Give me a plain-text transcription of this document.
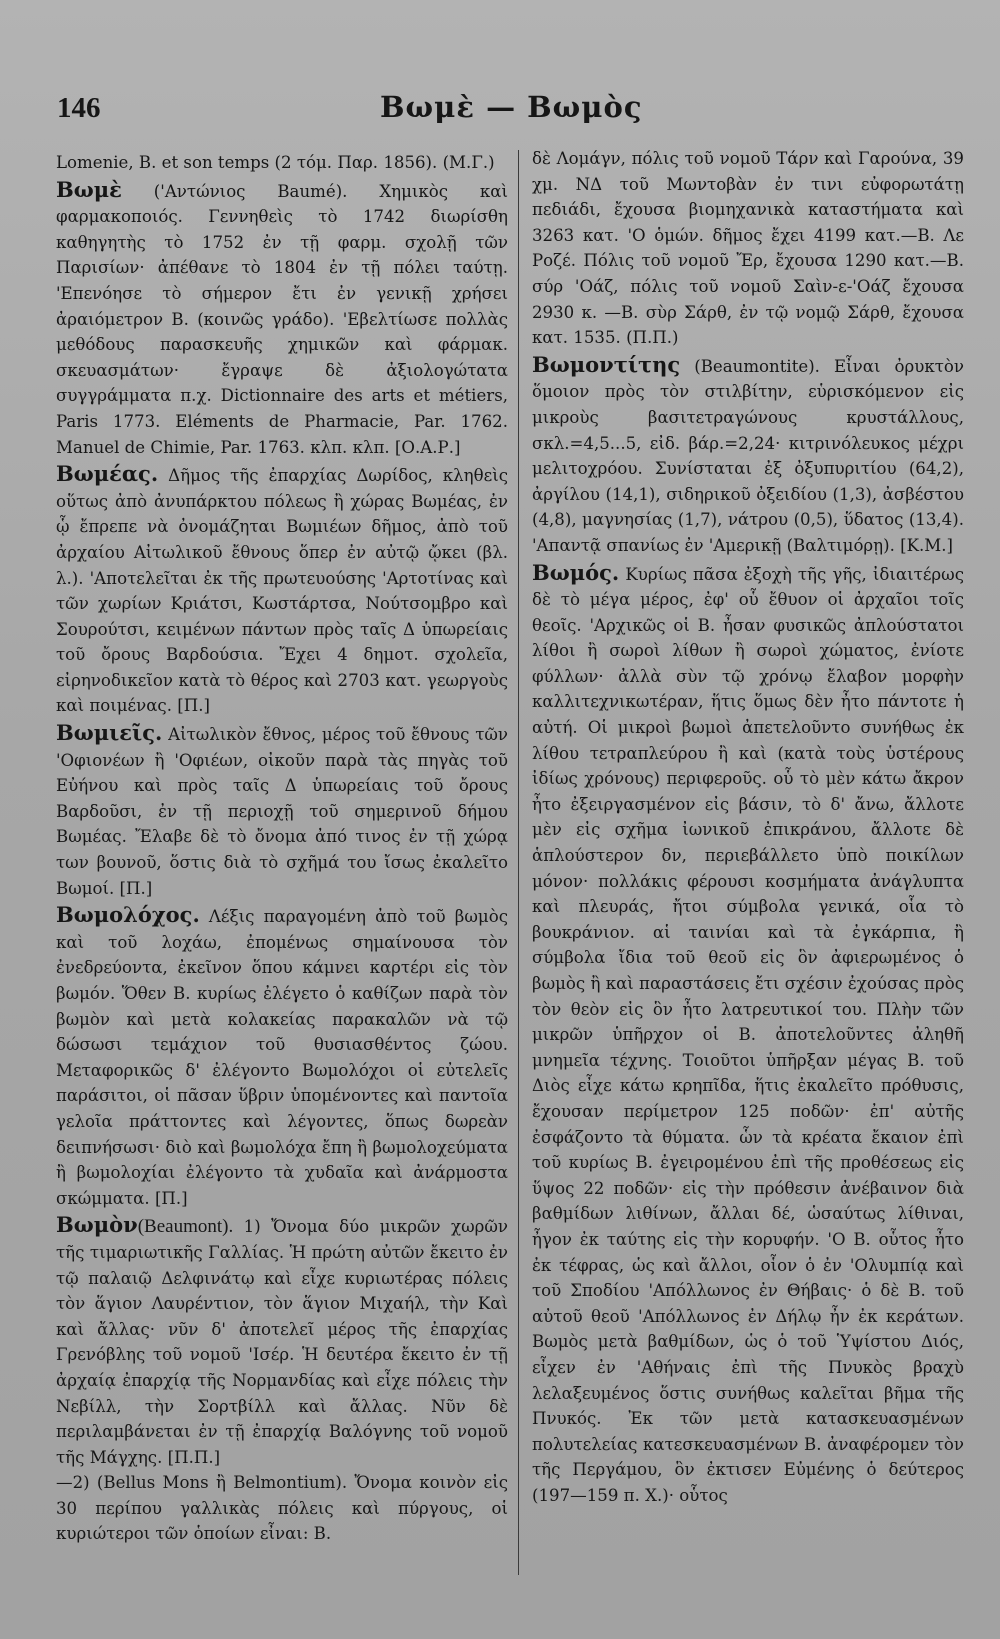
146	Βωμὲ — Βωμὸς

Lomenie, B. et son temps (2 τόμ. Παρ. 1856). (Μ.Γ.)

Βωμὲ ('Αντώνιος Baumé). Χημικὸς καὶ φαρμακοποιός. Γεννηθεὶς τὸ 1742 διωρίσθη καθηγητὴς τὸ 1752 ἐν τῇ φαρμ. σχολῇ τῶν Παρισίων· ἀπέθανε τὸ 1804 ἐν τῇ πόλει ταύτῃ. 'Επενόησε τὸ σήμερον ἔτι ἐν γενικῇ χρήσει ἀραιόμετρον Β. (κοινῶς γράδο). 'Εβελτίωσε πολλὰς μεθόδους παρασκευῆς χημικῶν καὶ φάρμακ. σκευασμάτων· ἔγραψε δὲ ἀξιολογώτατα συγγράμματα π.χ. Dictionnaire des arts et métiers, Paris 1773. Eléments de Pharmacie, Par. 1762. Manuel de Chimie, Par. 1763. κλπ. κλπ. [Ο.Α.Ρ.]

Βωμέας. Δῆμος τῆς ἐπαρχίας Δωρίδος, κληθεὶς οὕτως ἀπὸ ἀνυπάρκτου πόλεως ἢ χώρας Βωμέας, ἐν ᾧ ἔπρεπε νὰ ὀνομάζηται Βωμιέων δῆμος, ἀπὸ τοῦ ἀρχαίου Αἰτωλικοῦ ἔθνους ὅπερ ἐν αὐτῷ ᾤκει (βλ. λ.). 'Αποτελεῖται ἐκ τῆς πρωτευούσης 'Αρτοτίνας καὶ τῶν χωρίων Κριάτσι, Κωστάρτσα, Νούτσομβρο καὶ Σουρούτσι, κειμένων πάντων πρὸς ταῖς Δ ὑπωρείαις τοῦ ὄρους Βαρδούσια. Ἔχει 4 δημοτ. σχολεῖα, εἰρηνοδικεῖον κατὰ τὸ θέρος καὶ 2703 κατ. γεωργοὺς καὶ ποιμένας. [Π.]

Βωμιεῖς. Αἰτωλικὸν ἔθνος, μέρος τοῦ ἔθνους τῶν 'Οφιονέων ἢ 'Οφιέων, οἰκοῦν παρὰ τὰς πηγὰς τοῦ Εὐήνου καὶ πρὸς ταῖς Δ ὑπωρείαις τοῦ ὄρους Βαρδοῦσι, ἐν τῇ περιοχῇ τοῦ σημερινοῦ δήμου Βωμέας. Ἔλαβε δὲ τὸ ὄνομα ἀπό τινος ἐν τῇ χώρᾳ των βουνοῦ, ὅστις διὰ τὸ σχῆμά του ἴσως ἐκαλεῖτο Βωμοί. [Π.]

Βωμολόχος. Λέξις παραγομένη ἀπὸ τοῦ βωμὸς καὶ τοῦ λοχάω, ἐπομένως σημαίνουσα τὸν ἐνεδρεύοντα, ἐκεῖνον ὅπου κάμνει καρτέρι εἰς τὸν βωμόν. Ὅθεν Β. κυρίως ἐλέγετο ὁ καθίζων παρὰ τὸν βωμὸν καὶ μετὰ κολακείας παρακαλῶν νὰ τῷ δώσωσι τεμάχιον τοῦ θυσιασθέντος ζώου. Μεταφορικῶς δ' ἐλέγοντο Βωμολόχοι οἱ εὐτελεῖς παράσιτοι, οἱ πᾶσαν ὕβριν ὑπομένοντες καὶ παντοῖα γελοῖα πράττοντες καὶ λέγοντες, ὅπως δωρεὰν δειπνήσωσι· διὸ καὶ βωμολόχα ἔπη ἢ βωμολοχεύματα ἢ βωμολοχίαι ἐλέγοντο τὰ χυδαῖα καὶ ἀνάρμοστα σκώμματα. [Π.]

Βωμὸν(Beaumont). 1) Ὄνομα δύο μικρῶν χωρῶν τῆς τιμαριωτικῆς Γαλλίας. Ἡ πρώτη αὐτῶν ἔκειτο ἐν τῷ παλαιῷ Δελφινάτῳ καὶ εἶχε κυριωτέρας πόλεις τὸν ἅγιον Λαυρέντιον, τὸν ἅγιον Μιχαήλ, τὴν Καὶ καὶ ἄλλας· νῦν δ' ἀποτελεῖ μέρος τῆς ἐπαρχίας Γρενόβλης τοῦ νομοῦ 'Ισέρ. Ἡ δευτέρα ἔκειτο ἐν τῇ ἀρχαίᾳ ἐπαρχίᾳ τῆς Νορμανδίας καὶ εἶχε πόλεις τὴν Νεβίλλ, τὴν Σορτβίλλ καὶ ἄλλας. Νῦν δὲ περιλαμβάνεται ἐν τῇ ἐπαρχίᾳ Βαλόγνης τοῦ νομοῦ τῆς Μάγχης. [Π.Π.]

—2) (Bellus Mons ἢ Belmontium). Ὄνομα κοινὸν εἰς 30 περίπου γαλλικὰς πόλεις καὶ πύργους, οἱ κυριώτεροι τῶν ὁποίων εἶναι: Β.

δὲ Λομάγν, πόλις τοῦ νομοῦ Τάρν καὶ Γαρούνα, 39 χμ. ΝΔ τοῦ Μωντοβὰν ἐν τινι εὐφορωτάτῃ πεδιάδι, ἔχουσα βιομηχανικὰ καταστήματα καὶ 3263 κατ. 'Ο ὁμών. δῆμος ἔχει 4199 κατ.—Β. Λε Ροζέ. Πόλις τοῦ νομοῦ Ἔρ, ἔχουσα 1290 κατ.—Β. σύρ 'Οάζ, πόλις τοῦ νομοῦ Σαὶν-ε-'Οάζ ἔχουσα 2930 κ. —Β. σὺρ Σάρθ, ἐν τῷ νομῷ Σάρθ, ἔχουσα κατ. 1535. (Π.Π.)

Βωμοντίτης (Beaumontite). Εἶναι ὀρυκτὸν ὅμοιον πρὸς τὸν στιλβίτην, εὑρισκόμενον εἰς μικροὺς βασιτετραγώνους κρυστάλλους, σκλ.=4,5...5, εἰδ. βάρ.=2,24· κιτρινόλευκος μέχρι μελιτοχρόου. Συνίσταται ἐξ ὀξυπυριτίου (64,2), ἀργίλου (14,1), σιδηρικοῦ ὀξειδίου (1,3), ἀσβέστου (4,8), μαγνησίας (1,7), νάτρου (0,5), ὕδατος (13,4). 'Απαντᾷ σπανίως ἐν 'Αμερικῇ (Βαλτιμόρῃ). [Κ.Μ.]

Βωμός. Κυρίως πᾶσα ἐξοχὴ τῆς γῆς, ἰδιαιτέρως δὲ τὸ μέγα μέρος, ἐφ' οὗ ἔθυον οἱ ἀρχαῖοι τοῖς θεοῖς. 'Αρχικῶς οἱ Β. ἦσαν φυσικῶς ἀπλούστατοι λίθοι ἢ σωροὶ λίθων ἢ σωροὶ χώματος, ἐνίοτε φύλλων· ἀλλὰ σὺν τῷ χρόνῳ ἔλαβον μορφὴν καλλιτεχνικωτέραν, ἥτις ὅμως δὲν ἦτο πάντοτε ἡ αὐτή. Οἱ μικροὶ βωμοὶ ἀπετελοῦντο συνήθως ἐκ λίθου τετραπλεύρου ἢ καὶ (κατὰ τοὺς ὑστέρους ἰδίως χρόνους) περιφεροῦς. οὗ τὸ μὲν κάτω ἄκρον ἦτο ἐξειργασμένον εἰς βάσιν, τὸ δ' ἄνω, ἄλλοτε μὲν εἰς σχῆμα ἰωνικοῦ ἐπικράνου, ἄλλοτε δὲ ἁπλούστερον δν, περιεβάλλετο ὑπὸ ποικίλων μόνον· πολλάκις φέρουσι κοσμήματα ἀνάγλυπτα καὶ πλευράς, ἤτοι σύμβολα γενικά, οἷα τὸ βουκράνιον. αἱ ταινίαι καὶ τὰ ἐγκάρπια, ἢ σύμβολα ἴδια τοῦ θεοῦ εἰς ὃν ἀφιερωμένος ὁ βωμὸς ἢ καὶ παραστάσεις ἔτι σχέσιν ἐχούσας πρὸς τὸν θεὸν εἰς ὃν ἦτο λατρευτικοί του. Πλὴν τῶν μικρῶν ὑπῆρχον οἱ Β. ἀποτελοῦντες ἀληθῆ μνημεῖα τέχνης. Τοιοῦτοι ὑπῆρξαν μέγας Β. τοῦ Διὸς εἶχε κάτω κρηπῖδα, ἥτις ἐκαλεῖτο πρόθυσις, ἔχουσαν περίμετρον 125 ποδῶν· ἐπ' αὐτῆς ἐσφάζοντο τὰ θύματα. ὧν τὰ κρέατα ἔκαιον ἐπὶ τοῦ κυρίως Β. ἐγειρομένου ἐπὶ τῆς προθέσεως εἰς ὕψος 22 ποδῶν· εἰς τὴν πρόθεσιν ἀνέβαινον διὰ βαθμίδων λιθίνων, ἄλλαι δέ, ὡσαύτως λίθιναι, ἦγον ἐκ ταύτης εἰς τὴν κορυφήν. 'Ο Β. οὗτος ἦτο ἐκ τέφρας, ὡς καὶ ἄλλοι, οἷον ὁ ἐν 'Ολυμπίᾳ καὶ τοῦ Σποδίου 'Απόλλωνος ἐν Θήβαις· ὁ δὲ Β. τοῦ αὐτοῦ θεοῦ 'Απόλλωνος ἐν Δήλῳ ἦν ἐκ κεράτων. Βωμὸς μετὰ βαθμίδων, ὡς ὁ τοῦ Ὑψίστου Διός, εἶχεν ἐν 'Αθήναις ἐπὶ τῆς Πνυκὸς βραχὺ λελαξευμένος ὅστις συνήθως καλεῖται βῆμα τῆς Πνυκός. Ἐκ τῶν μετὰ κατασκευασμένων πολυτελείας κατεσκευασμένων Β. ἀναφέρομεν τὸν τῆς Περγάμου, ὃν ἐκτισεν Εὐμένης ὁ δεύτερος (197—159 π. Χ.)· οὗτος
